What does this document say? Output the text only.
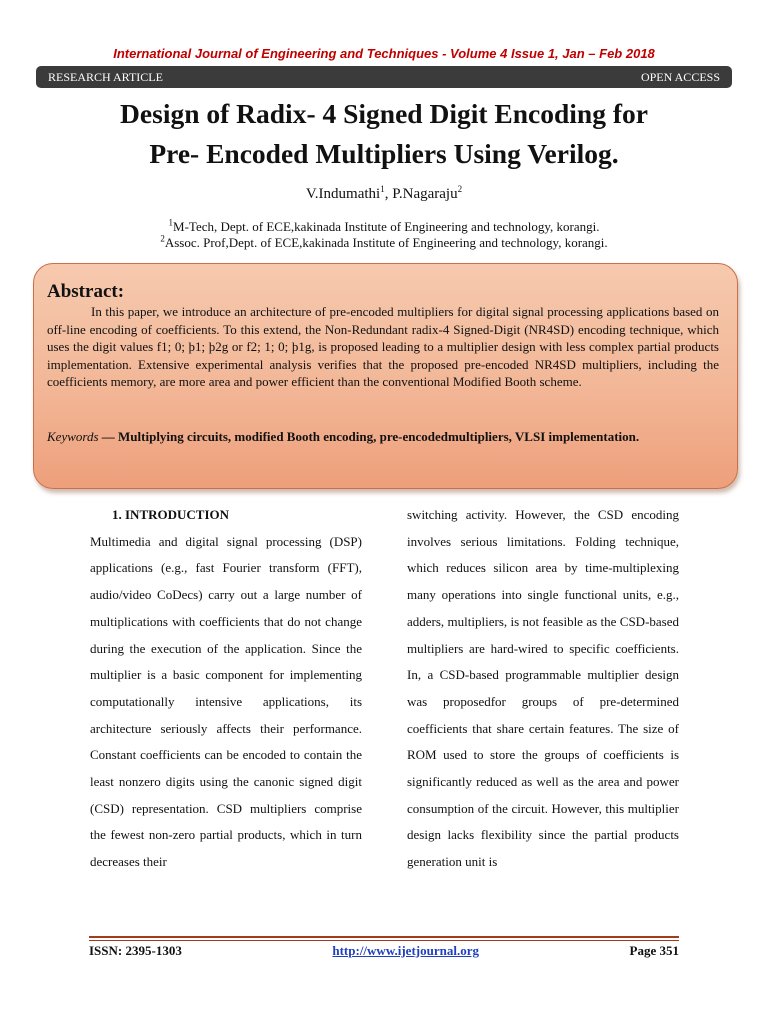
International Journal of Engineering and Techniques - Volume 4 Issue 1, Jan – Feb 2018
RESEARCH ARTICLE	OPEN ACCESS
Design of Radix- 4 Signed Digit Encoding for
Pre- Encoded Multipliers Using Verilog.
V.Indumathi$^1$, P.Nagaraju$^2$
$^1$M-Tech, Dept. of ECE,kakinada Institute of Engineering and technology, korangi.
$^2$Assoc. Prof,Dept. of ECE,kakinada Institute of Engineering and technology, korangi.
Abstract:
In this paper, we introduce an architecture of pre-encoded multipliers for digital signal processing applications based on off-line encoding of coefficients. To this extend, the Non-Redundant radix-4 Signed-Digit (NR4SD) encoding technique, which uses the digit values f1; 0; þ1; þ2g or f2; 1; 0; þ1g, is proposed leading to a multiplier design with less complex partial products implementation. Extensive experimental analysis verifies that the proposed pre-encoded NR4SD multipliers, including the coefficients memory, are more area and power efficient than the conventional Modified Booth scheme.
Keywords — Multiplying circuits, modified Booth encoding, pre-encodedmultipliers, VLSI implementation.
1. INTRODUCTION
Multimedia and digital signal processing (DSP) applications (e.g., fast Fourier transform (FFT), audio/video CoDecs) carry out a large number of multiplications with coefficients that do not change during the execution of the application. Since the multiplier is a basic component for implementing computationally intensive applications, its architecture seriously affects their performance. Constant coefficients can be encoded to contain the least nonzero digits using the canonic signed digit (CSD) representation. CSD multipliers comprise the fewest non-zero partial products, which in turn decreases their
switching activity. However, the CSD encoding involves serious limitations. Folding technique, which reduces silicon area by time-multiplexing many operations into single functional units, e.g., adders, multipliers, is not feasible as the CSD-based multipliers are hard-wired to specific coefficients. In, a CSD-based programmable multiplier design was proposedfor groups of pre-determined coefficients that share certain features. The size of ROM used to store the groups of coefficients is significantly reduced as well as the area and power consumption of the circuit. However, this multiplier design lacks flexibility since the partial products generation unit is
ISSN: 2395-1303	http://www.ijetjournal.org	Page 351
